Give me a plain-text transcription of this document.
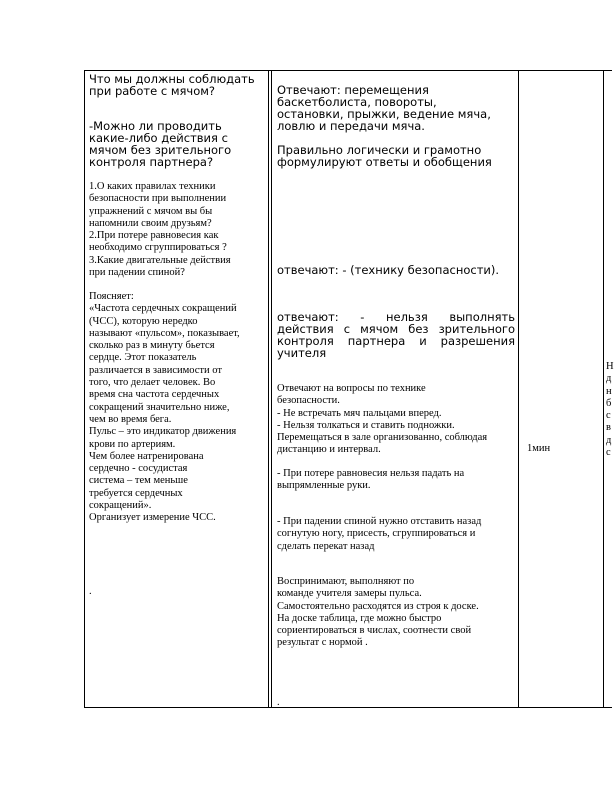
Что мы должны соблюдать
при работе с мячом?

-Можно ли проводить
какие-либо действия с
мячом без зрительного
контроля партнера?

1.О каких правилах техники
безопасности при выполнении
упражнений с мячом вы бы
напомнили своим друзьям?
2.При потере равновесия как
необходимо сгруппироваться ?
3.Какие двигательные действия
при падении спиной?

Поясняет:
«Частота сердечных сокращений
(ЧСС), которую нередко
называют «пульсом», показывает,
сколько раз в минуту бьется
сердце. Этот показатель
различается в зависимости от
того, что делает человек. Во
время сна частота сердечных
сокращений значительно ниже,
чем во время бега.
Пульс – это индикатор движения
крови по артериям.
Чем более натренирована
сердечно - сосудистая
система – тем меньше
требуется сердечных
сокращений».
Организует измерение ЧСС.

.

Отвечают: перемещения
баскетболиста, повороты,
остановки, прыжки, ведение мяча,
ловлю и передачи мяча.

Правильно логически и грамотно
формулируют ответы и обобщения

отвечают: - (технику безопасности).

отвечают: - нельзя выполнять
действия с мячом без зрительного
контроля партнера и разрешения
учителя

Отвечают на вопросы по технике
безопасности.
- Не встречать мяч пальцами вперед.
- Нельзя толкаться и ставить подножки.
Перемещаться в зале организованно, соблюдая
дистанцию и интервал.

- При потере равновесия нельзя падать на
выпрямленные руки.

- При падении спиной нужно отставить назад
согнутую ногу, присесть, сгруппироваться и
сделать перекат назад

Воспринимают, выполняют по
команде учителя замеры пульса.
Самостоятельно расходятся из строя к доске.
На доске таблица, где можно быстро
сориентироваться в числах, соотнести свой
результат с нормой .

.
1мин
Н
д
н
б
с
в
д
с
